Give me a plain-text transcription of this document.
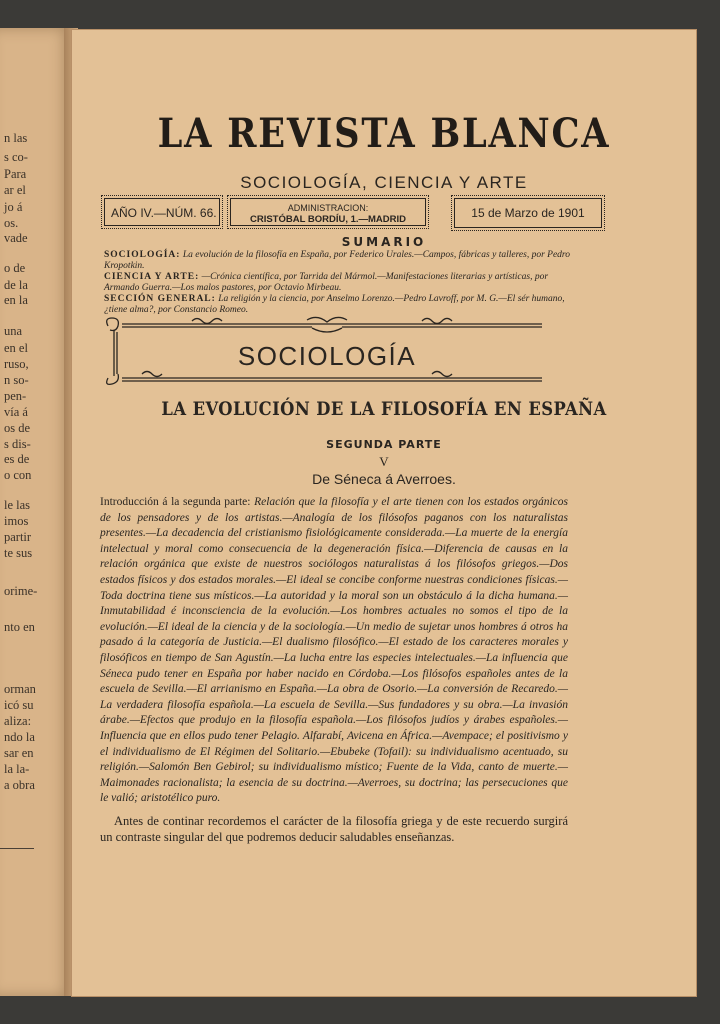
n las
s co-
Para
ar el
jo á
os.
vade
o de
de la
en la
una
en el
ruso,
n so-
pen-
vía á
os de
s dis-
es de
o con
le las
imos
partir
te sus
orime-
nto en
orman
icó su
aliza:
ndo la
sar en
la la-
a obra
LA REVISTA BLANCA
SOCIOLOGÍA, CIENCIA Y ARTE
AÑO IV.—NÚM. 66.	ADMINISTRACION:
CRISTÓBAL BORDÍU, 1.—MADRID	15 de Marzo de 1901
SUMARIO

SOCIOLOGÍA: La evolución de la filosofía en España, por Federico Urales.—Campos, fábricas y talleres, por Pedro Kropotkin.

CIENCIA Y ARTE: —Crónica científica, por Tarrida del Mármol.—Manifestaciones literarias y artísticas, por Armando Guerra.—Los malos pastores, por Octavio Mirbeau.

SECCIÓN GENERAL: La religión y la ciencia, por Anselmo Lorenzo.—Pedro Lavroff, por M. G.—El sér humano, ¿tiene alma?, por Constancio Romeo.

SOCIOLOGÍA
LA EVOLUCIÓN DE LA FILOSOFÍA EN ESPAÑA
SEGUNDA PARTE
V
De Séneca á Averroes.

Introducción á la segunda parte: Relación que la filosofía y el arte tienen con los estados orgánicos de los pensadores y de los artistas.—Analogía de los filósofos paganos con los naturalistas presentes.—La decadencia del cristianismo fisiológicamente considerada.—La muerte de la energía intelectual y moral como consecuencia de la degeneración física.—Diferencia de causas en la relación orgánica que existe de nuestros sociólogos naturalistas á los filósofos griegos.—Dos estados físicos y dos estados morales.—El ideal se concibe conforme nuestras condiciones físicas.—Toda doctrina tiene sus místicos.—La autoridad y la moral son un obstáculo á la dicha humana.—Inmutabilidad é inconsciencia de la evolución.—Los hombres actuales no somos el tipo de la evolución.—El ideal de la ciencia y de la sociología.—Un medio de sujetar unos hombres á otros ha pasado á la categoría de Justicia.—El dualismo filosófico.—El estado de los caracteres morales y filosóficos en tiempo de San Agustín.—La lucha entre las especies intelectuales.—La influencia que Séneca pudo tener en España por haber nacido en Córdoba.—Los filósofos españoles antes de la escuela de Sevilla.—El arrianismo en España.—La obra de Osorio.—La conversión de Recaredo.—La verdadera filosofía española.—La escuela de Sevilla.—Sus fundadores y su obra.—La invasión árabe.—Efectos que produjo en la filosofía española.—Los filósofos judíos y árabes españoles.—Influencia que en ellos pudo tener Pelagio. Alfarabí, Avicena en África.—Avempace; el positivismo y el individualismo de El Régimen del Solitario.—Ebubeke (Tofail): su individualismo acentuado, su religión.—Salomón Ben Gebirol; su individualismo místico; Fuente de la Vida, canto de muerte.—Maimonades racionalista; la esencia de su doctrina.—Averroes, su doctrina; las persecuciones que le valió; aristotélico puro.

Antes de continar recordemos el carácter de la filosofía griega y de este recuerdo surgirá un contraste singular del que podremos deducir saludables enseñanzas.
